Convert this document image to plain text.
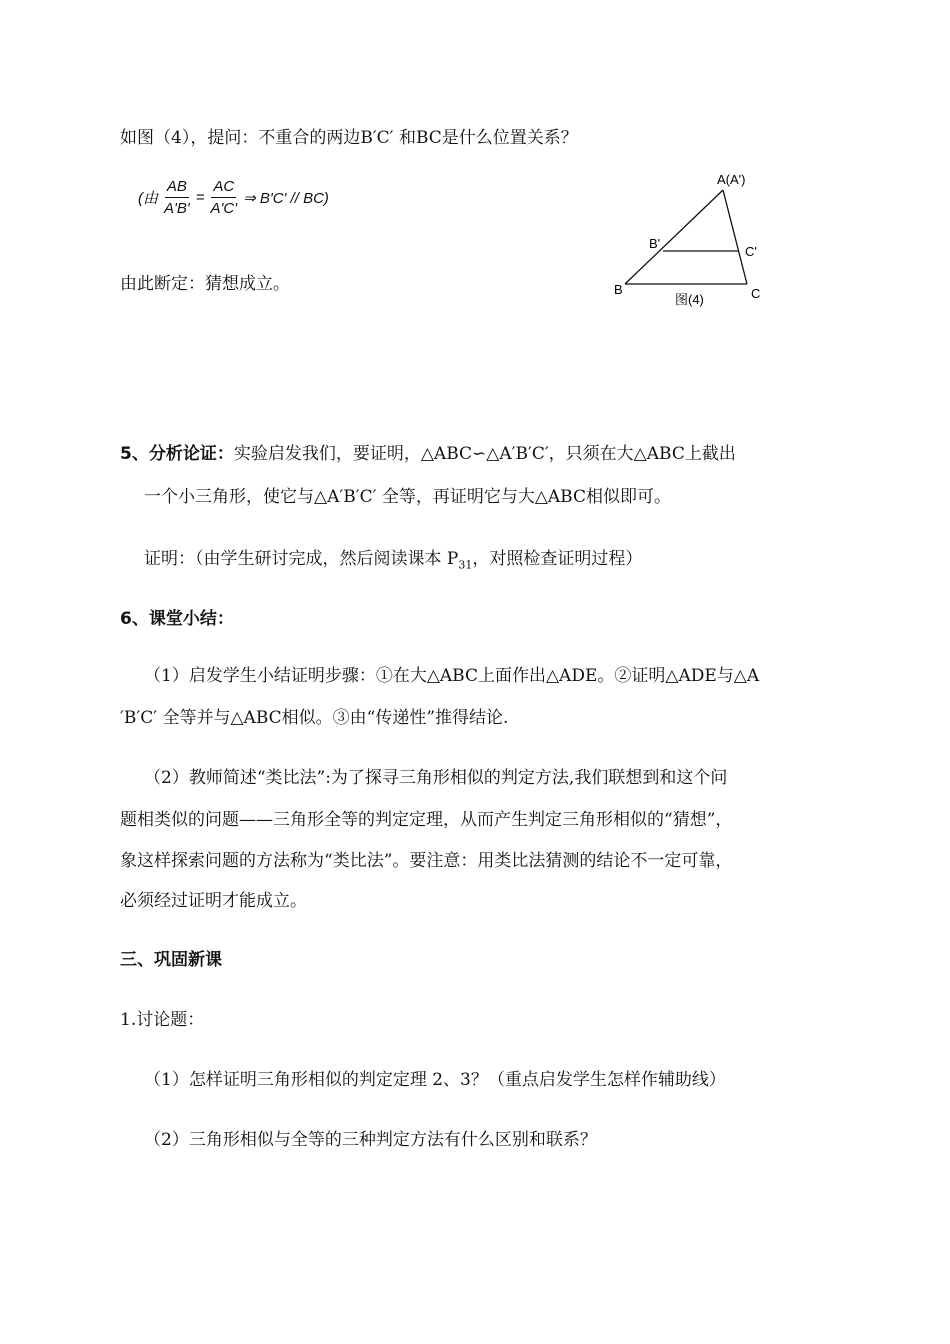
如图（4），提问：不重合的两边B′C′ 和BC是什么位置关系？
(由 $\frac{AB}{A'B'} = \frac{AC}{A'C'}$ ⇒ B'C' // BC)
由此断定：猜想成立。
A(A')
B'
C'
B	C
图(4)
5、分析论证：实验启发我们，要证明，△ABC∽△A′B′C′，只须在大△ABC上截出
一个小三角形，使它与△A′B′C′ 全等，再证明它与大△ABC相似即可。
证明：（由学生研讨完成，然后阅读课本 $P_{31}$，对照检查证明过程）
6、课堂小结：
（1）启发学生小结证明步骤：①在大△ABC上面作出△ADE。②证明△ADE与△A
′B′C′ 全等并与△ABC相似。③由“传递性”推得结论.
（2）教师简述“类比法”:为了探寻三角形相似的判定方法,我们联想到和这个问
题相类似的问题——三角形全等的判定定理，从而产生判定三角形相似的“猜想”，
象这样探索问题的方法称为“类比法”。要注意：用类比法猜测的结论不一定可靠，
必须经过证明才能成立。
三、巩固新课
1.讨论题：
（1）怎样证明三角形相似的判定定理 2、3？（重点启发学生怎样作辅助线）
（2）三角形相似与全等的三种判定方法有什么区别和联系？
